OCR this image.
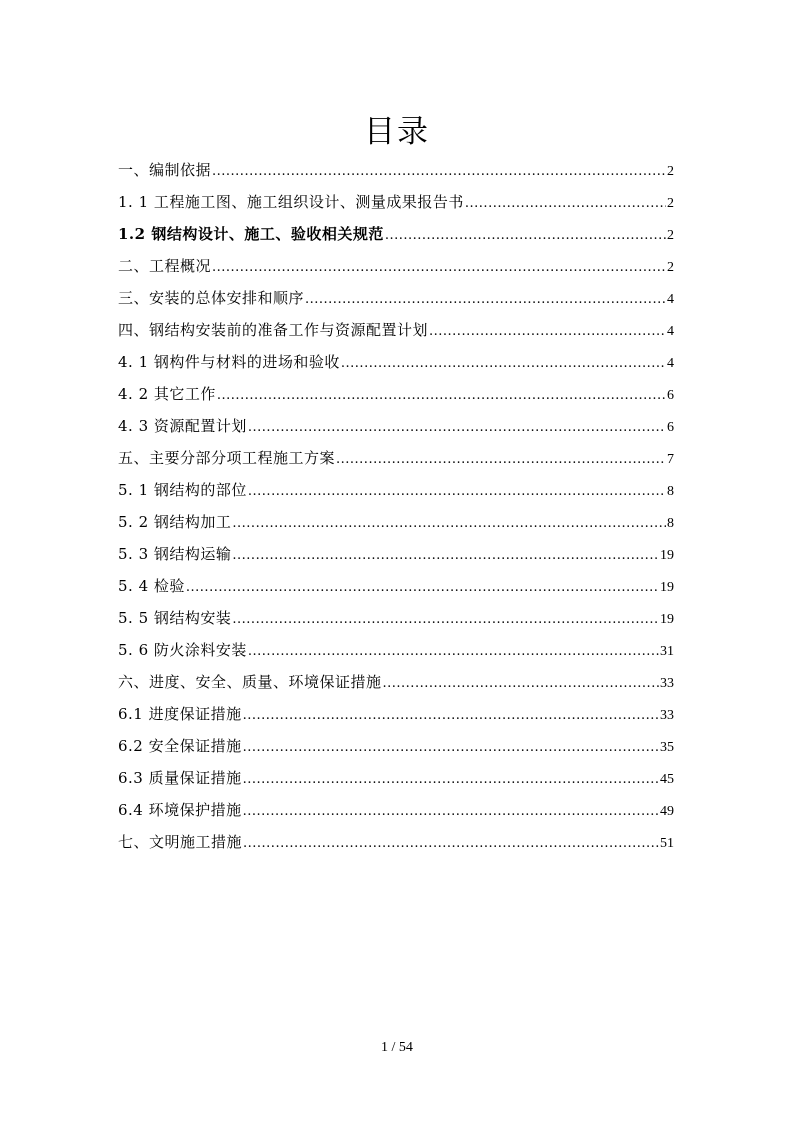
目录
一、编制依据 .....	2
1. 1 工程施工图、施工组织设计、测量成果报告书 .....	2
1.2 钢结构设计、施工、验收相关规范 .....	2
二、工程概况 .....	2
三、安装的总体安排和顺序 .....	4
四、钢结构安装前的准备工作与资源配置计划 .....	4
4. 1 钢构件与材料的进场和验收 .....	4
4. 2 其它工作 .....	6
4. 3 资源配置计划 .....	6
五、主要分部分项工程施工方案 .....	7
5. 1 钢结构的部位 .....	8
5. 2 钢结构加工 .....	8
5. 3 钢结构运输 .....	19
5. 4 检验 .....	19
5. 5 钢结构安装 .....	19
5. 6 防火涂料安装 .....	31
六、进度、安全、质量、环境保证措施 .....	33
6.1 进度保证措施 .....	33
6.2 安全保证措施 .....	35
6.3 质量保证措施 .....	45
6.4 环境保护措施 .....	49
七、文明施工措施 .....	51
1 / 54
